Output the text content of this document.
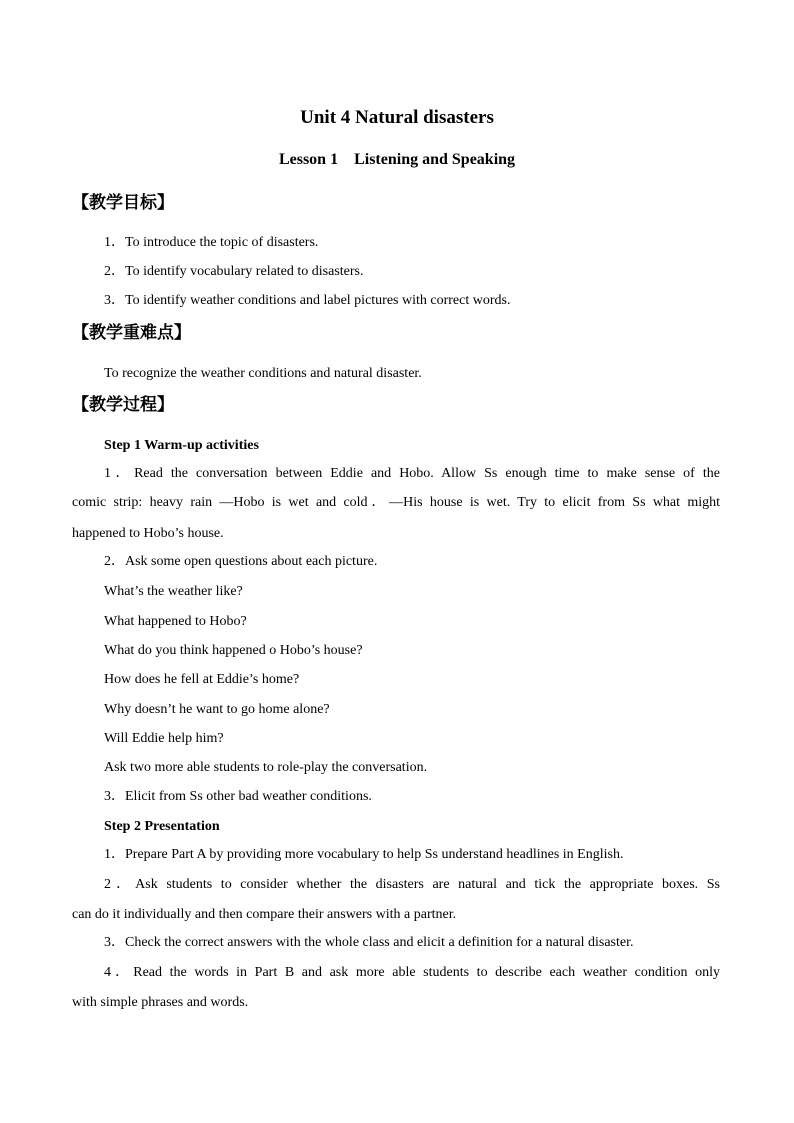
Unit 4 Natural disasters
Lesson 1    Listening and Speaking
【教学目标】
1．To introduce the topic of disasters.
2．To identify vocabulary related to disasters.
3．To identify weather conditions and label pictures with correct words.
【教学重难点】
To recognize the weather conditions and natural disaster.
【教学过程】
Step 1 Warm-up activities
1．Read the conversation between Eddie and Hobo. Allow Ss enough time to make sense of the
comic strip: heavy rain —Hobo is wet and cold．—His house is wet. Try to elicit from Ss what might
happened to Hobo’s house.
2．Ask some open questions about each picture.
What’s the weather like?
What happened to Hobo?
What do you think happened o Hobo’s house?
How does he fell at Eddie’s home?
Why doesn’t he want to go home alone?
Will Eddie help him?
Ask two more able students to role-play the conversation.
3．Elicit from Ss other bad weather conditions.
Step 2 Presentation
1．Prepare Part A by providing more vocabulary to help Ss understand headlines in English.
2．Ask students to consider whether the disasters are natural and tick the appropriate boxes. Ss
can do it individually and then compare their answers with a partner.
3．Check the correct answers with the whole class and elicit a definition for a natural disaster.
4．Read the words in Part B and ask more able students to describe each weather condition only
with simple phrases and words.
